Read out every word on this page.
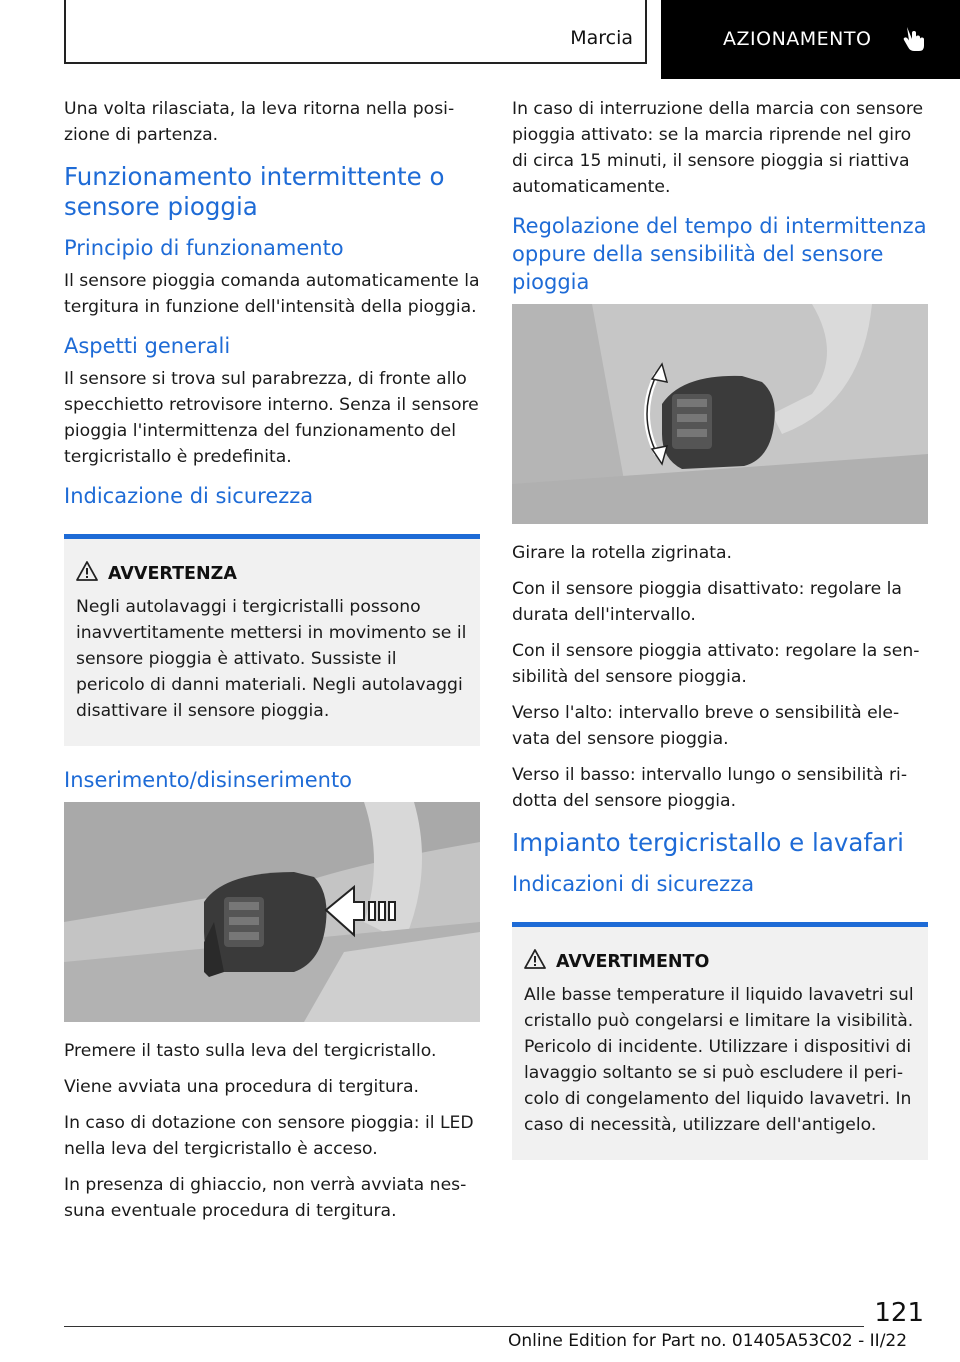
Marcia	AZIONAMENTO

Una volta rilasciata, la leva ritorna nella posizione di partenza.

Funzionamento intermittente o sensore pioggia
Principio di funzionamento

Il sensore pioggia comanda automaticamente la tergitura in funzione dell'intensità della pioggia.

Aspetti generali

Il sensore si trova sul parabrezza, di fronte allo specchietto retrovisore interno. Senza il sensore pioggia l'intermittenza del funzionamento del tergicristallo è predefinita.

Indicazione di sicurezza
AVVERTENZA

Negli autolavaggi i tergicristalli possono inavvertitamente mettersi in movimento se il sensore pioggia è attivato. Sussiste il pericolo di danni materiali. Negli autolavaggi disattivare il sensore pioggia.

Inserimento/disinserimento

Premere il tasto sulla leva del tergicristallo.

Viene avviata una procedura di tergitura.

In caso di dotazione con sensore pioggia: il LED nella leva del tergicristallo è acceso.

In presenza di ghiaccio, non verrà avviata nessuna eventuale procedura di tergitura.

In caso di interruzione della marcia con sensore pioggia attivato: se la marcia riprende nel giro di circa 15 minuti, il sensore pioggia si riattiva automaticamente.

Regolazione del tempo di intermittenza oppure della sensibilità del sensore pioggia

Girare la rotella zigrinata.

Con il sensore pioggia disattivato: regolare la durata dell'intervallo.

Con il sensore pioggia attivato: regolare la sensibilità del sensore pioggia.

Verso l'alto: intervallo breve o sensibilità elevata del sensore pioggia.

Verso il basso: intervallo lungo o sensibilità ridotta del sensore pioggia.

Impianto tergicristallo e lavafari
Indicazioni di sicurezza
AVVERTIMENTO

Alle basse temperature il liquido lavavetri sul cristallo può congelarsi e limitare la visibilità. Pericolo di incidente. Utilizzare i dispositivi di lavaggio soltanto se si può escludere il pericolo di congelamento del liquido lavavetri. In caso di necessità, utilizzare dell'antigelo.

121
Online Edition for Part no. 01405A53C02 - II/22
